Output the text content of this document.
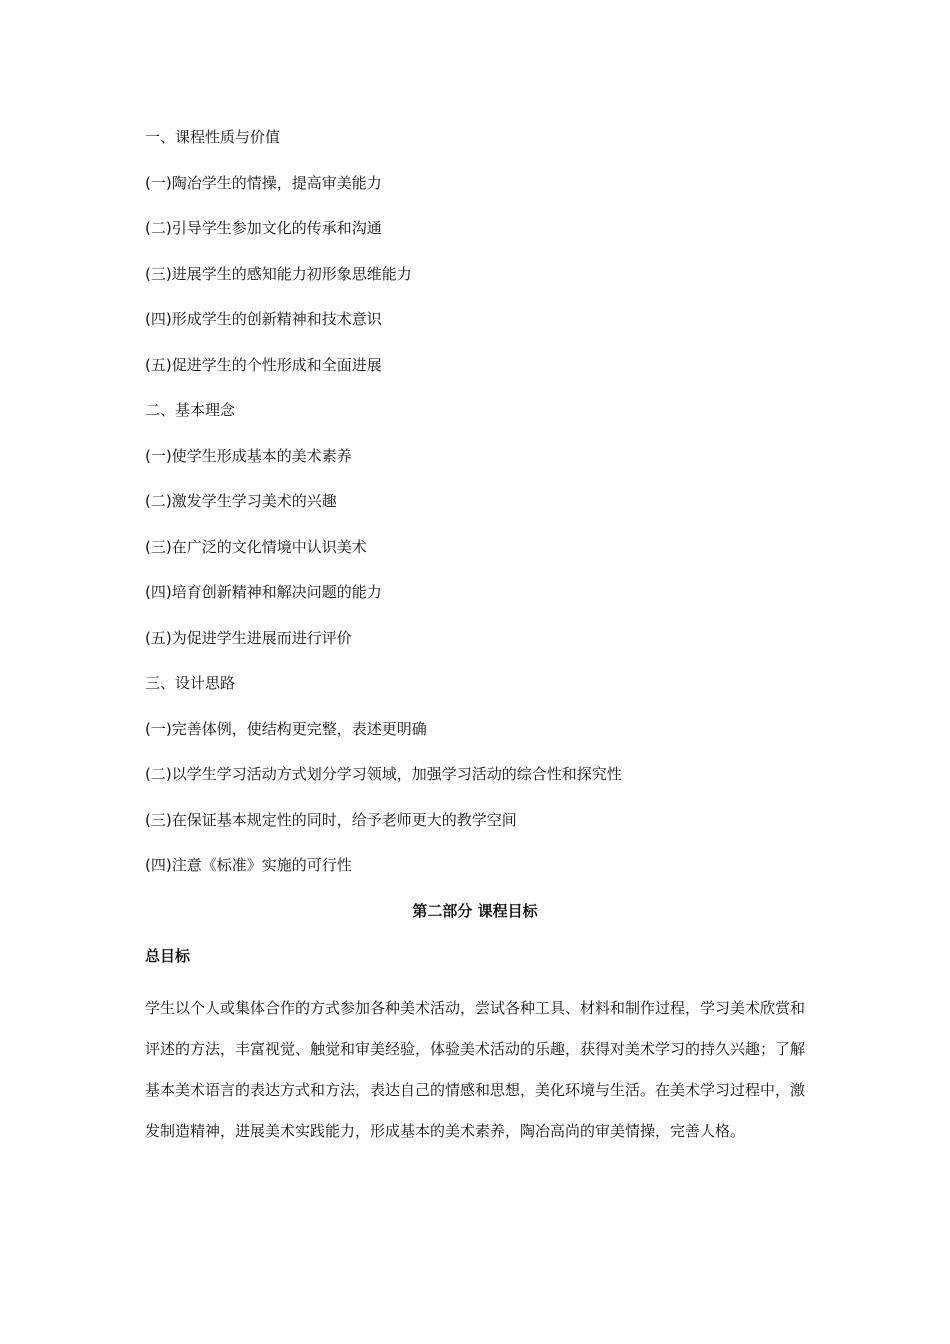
一、课程性质与价值
(一)陶冶学生的情操，提高审美能力
(二)引导学生参加文化的传承和沟通
(三)进展学生的感知能力初形象思维能力
(四)形成学生的创新精神和技术意识
(五)促进学生的个性形成和全面进展
二、基本理念
(一)使学生形成基本的美术素养
(二)激发学生学习美术的兴趣
(三)在广泛的文化情境中认识美术
(四)培育创新精神和解决问题的能力
(五)为促进学生进展而进行评价
三、设计思路
(一)完善体例，使结构更完整，表述更明确
(二)以学生学习活动方式划分学习领域，加强学习活动的综合性和探究性
(三)在保证基本规定性的同时，给予老师更大的教学空间
(四)注意《标准》实施的可行性
第二部分 课程目标
总目标

学生以个人或集体合作的方式参加各种美术活动，尝试各种工具、材料和制作过程，学习美术欣赏和评述的方法，丰富视觉、触觉和审美经验，体验美术活动的乐趣，获得对美术学习的持久兴趣；了解基本美术语言的表达方式和方法，表达自己的情感和思想，美化环境与生活。在美术学习过程中，激发制造精神，进展美术实践能力，形成基本的美术素养，陶冶高尚的审美情操，完善人格。
